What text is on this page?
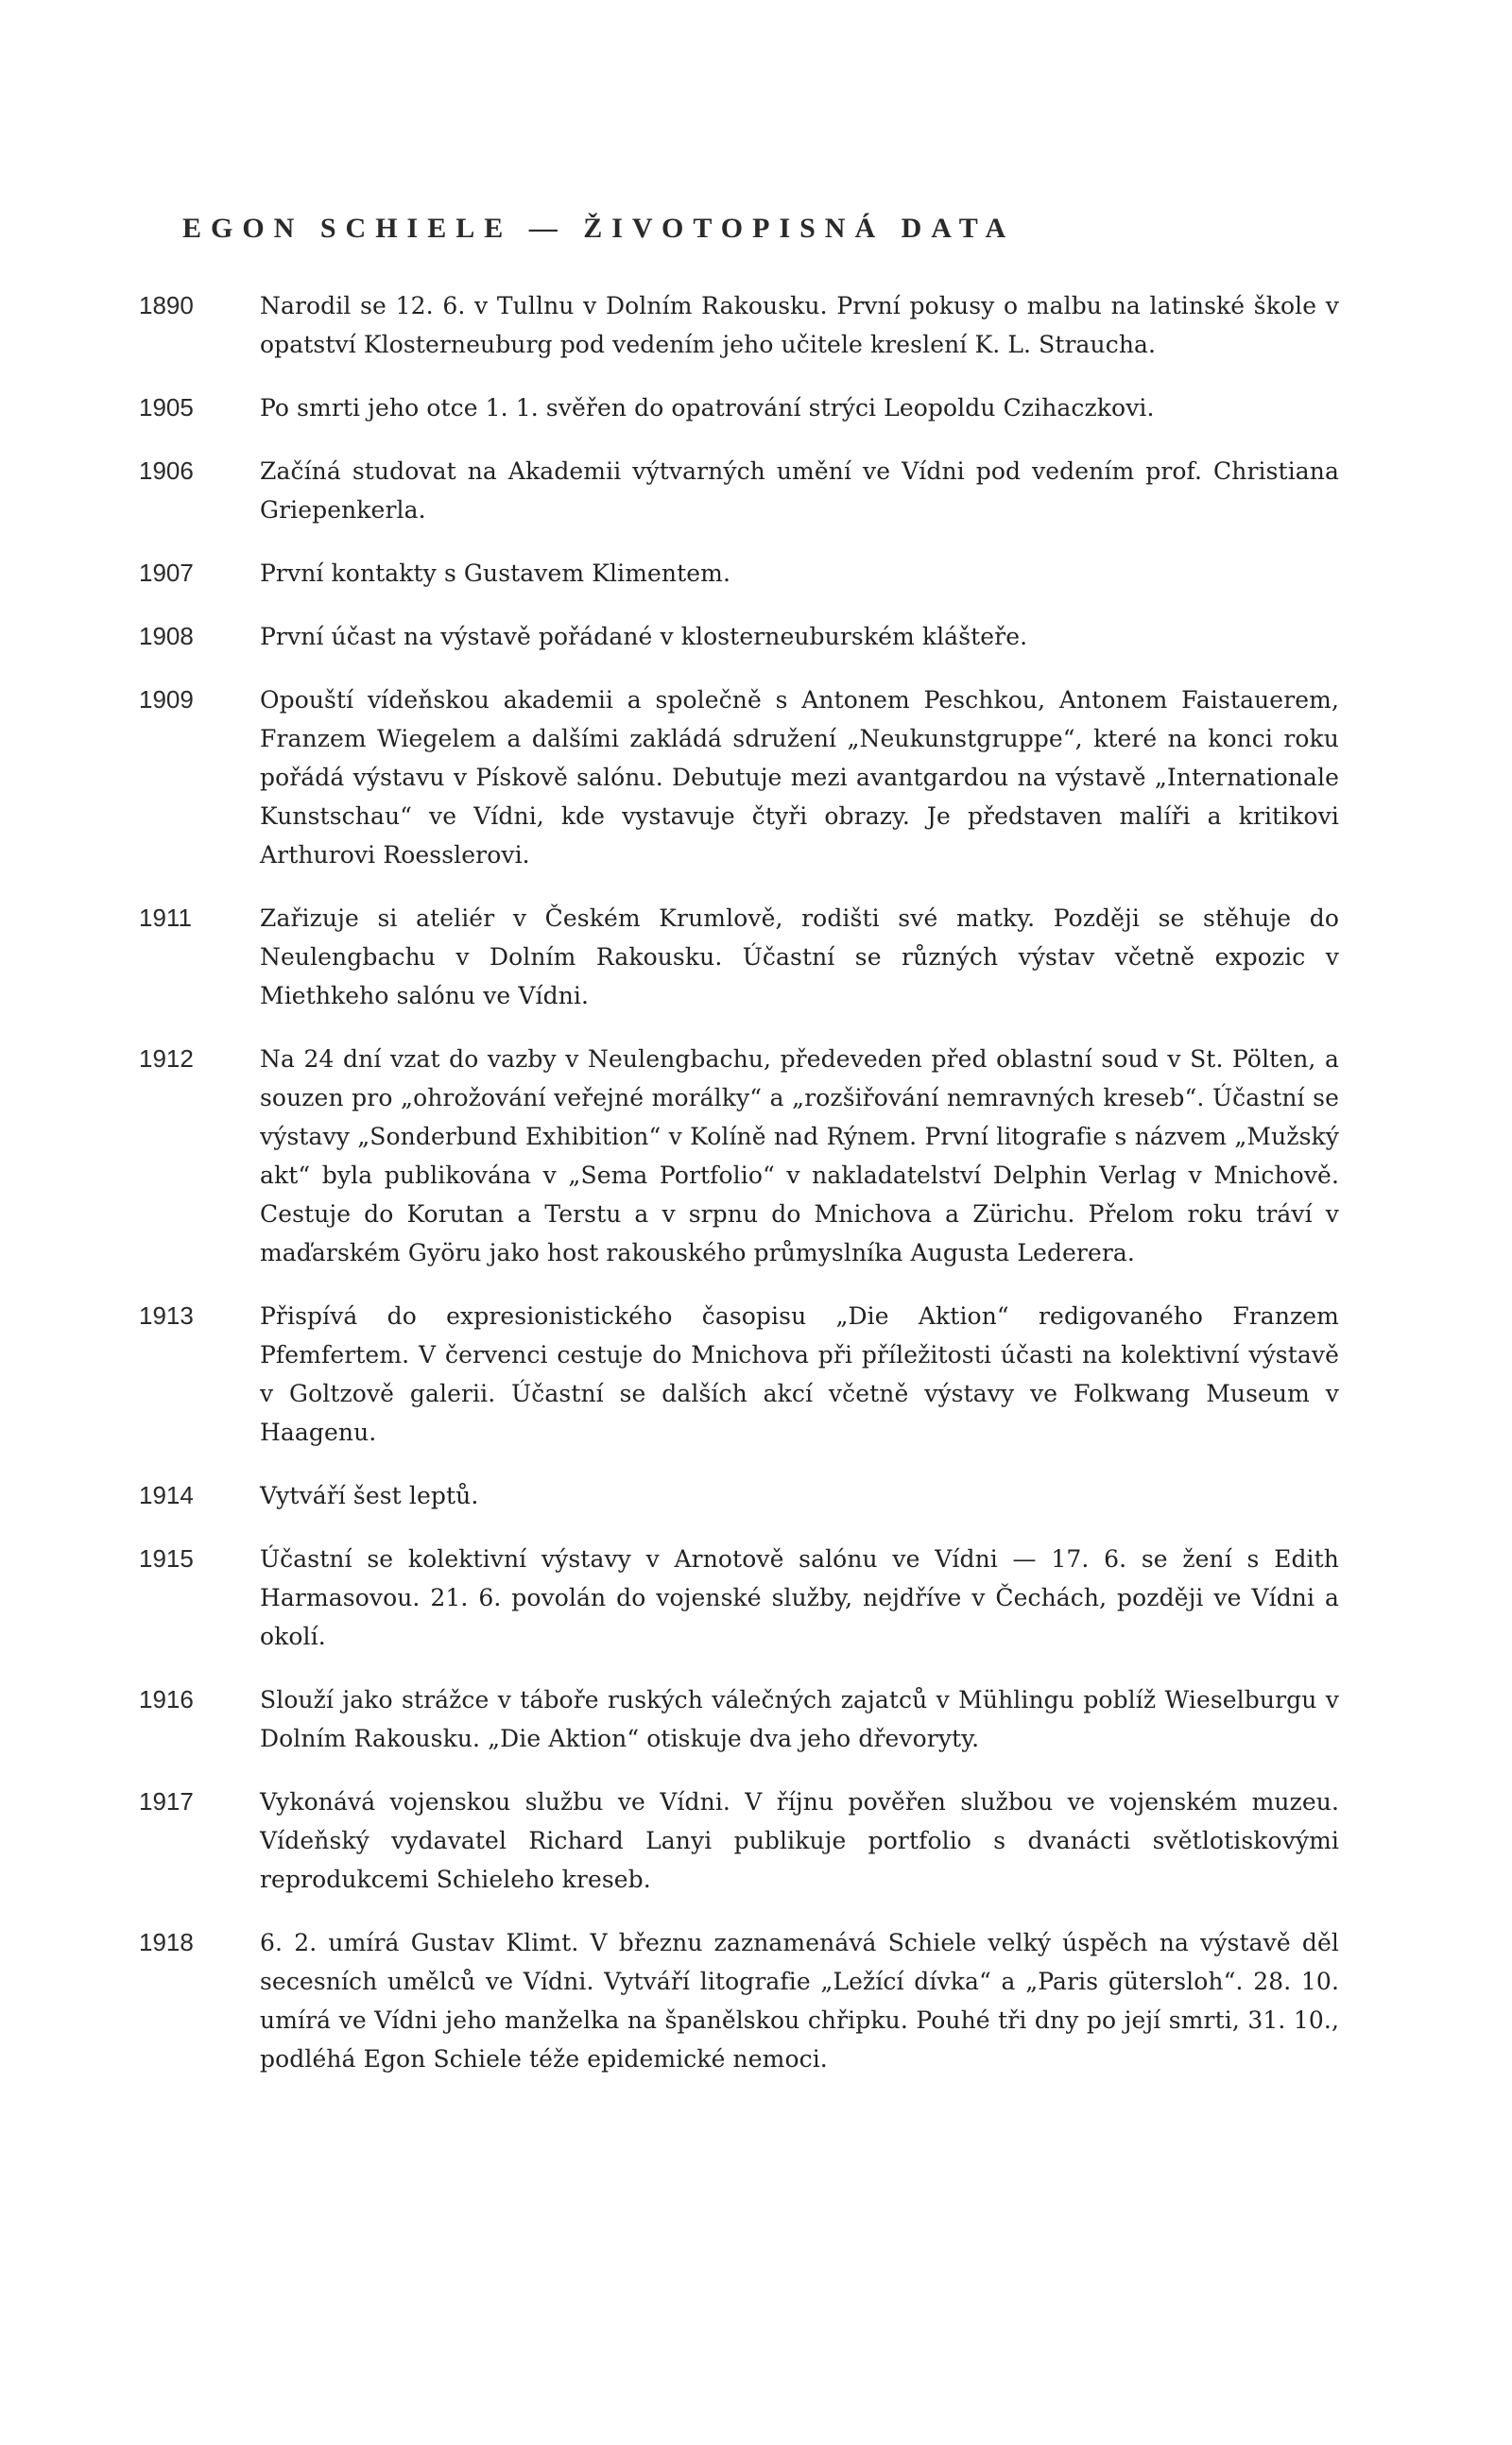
EGON SCHIELE — ŽIVOTOPISNÁ DATA
1890	Narodil se 12. 6. v Tullnu v Dolním Rakousku. První pokusy o malbu na latinské škole v opatství Klosterneuburg pod vedením jeho učitele kreslení K. L. Straucha.
1905	Po smrti jeho otce 1. 1. svěřen do opatrování strýci Leopoldu Czihaczkovi.
1906	Začíná studovat na Akademii výtvarných umění ve Vídni pod vedením prof. Christiana Griepenkerla.
1907	První kontakty s Gustavem Klimentem.
1908	První účast na výstavě pořádané v klosterneuburském klášteře.
1909	Opouští vídeňskou akademii a společně s Antonem Peschkou, Antonem Faistauerem, Franzem Wiegelem a dalšími zakládá sdružení „Neukunstgruppe“, které na konci roku pořádá výstavu v Pískově salónu. Debutuje mezi avantgardou na výstavě „Internationale Kunstschau“ ve Vídni, kde vystavuje čtyři obrazy. Je představen malíři a kritikovi Arthurovi Roesslerovi.
1911	Zařizuje si ateliér v Českém Krumlově, rodišti své matky. Později se stěhuje do Neulengbachu v Dolním Rakousku. Účastní se různých výstav včetně expozic v Miethkeho salónu ve Vídni.
1912	Na 24 dní vzat do vazby v Neulengbachu, předeveden před oblastní soud v St. Pölten, a souzen pro „ohrožování veřejné morálky“ a „rozšiřování nemravných kreseb“. Účastní se výstavy „Sonderbund Exhibition“ v Kolíně nad Rýnem. První litografie s názvem „Mužský akt“ byla publikována v „Sema Portfolio“ v nakladatelství Delphin Verlag v Mnichově. Cestuje do Korutan a Terstu a v srpnu do Mnichova a Zürichu. Přelom roku tráví v maďarském Györu jako host rakouského průmyslníka Augusta Lederera.
1913	Přispívá do expresionistického časopisu „Die Aktion“ redigovaného Franzem Pfemfertem. V červenci cestuje do Mnichova při příležitosti účasti na kolektivní výstavě v Goltzově galerii. Účastní se dalších akcí včetně výstavy ve Folkwang Museum v Haagenu.
1914	Vytváří šest leptů.
1915	Účastní se kolektivní výstavy v Arnotově salónu ve Vídni — 17. 6. se žení s Edith Harmasovou. 21. 6. povolán do vojenské služby, nejdříve v Čechách, později ve Vídni a okolí.
1916	Slouží jako strážce v táboře ruských válečných zajatců v Mühlingu poblíž Wieselburgu v Dolním Rakousku. „Die Aktion“ otiskuje dva jeho dřevoryty.
1917	Vykonává vojenskou službu ve Vídni. V říjnu pověřen službou ve vojenském muzeu. Vídeňský vydavatel Richard Lanyi publikuje portfolio s dvanácti světlotiskovými reprodukcemi Schieleho kreseb.
1918	6. 2. umírá Gustav Klimt. V březnu zaznamenává Schiele velký úspěch na výstavě děl secesních umělců ve Vídni. Vytváří litografie „Ležící dívka“ a „Paris gütersloh“. 28. 10. umírá ve Vídni jeho manželka na španělskou chřipku. Pouhé tři dny po její smrti, 31. 10., podléhá Egon Schiele téže epidemické nemoci.
